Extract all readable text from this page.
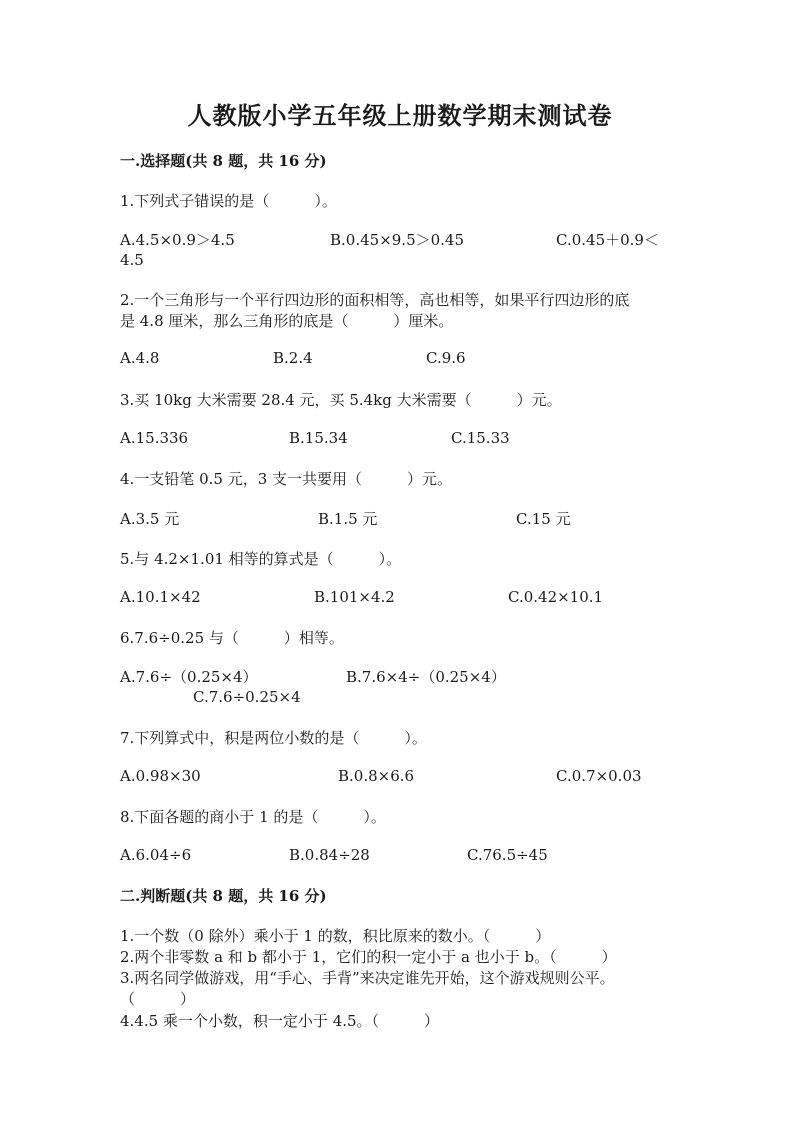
人教版小学五年级上册数学期末测试卷
一.选择题(共 8 题，共 16 分)
1.下列式子错误的是（　　　）。
A.4.5×0.9＞4.5	B.0.45×9.5＞0.45	C.0.45＋0.9＜
4.5
2.一个三角形与一个平行四边形的面积相等，高也相等，如果平行四边形的底
是 4.8 厘米，那么三角形的底是（　　　）厘米。
A.4.8	B.2.4	C.9.6
3.买 10kg 大米需要 28.4 元，买 5.4kg 大米需要（　　　）元。
A.15.336	B.15.34	C.15.33
4.一支铅笔 0.5 元，3 支一共要用（　　　）元。
A.3.5 元	B.1.5 元	C.15 元
5.与 4.2×1.01 相等的算式是（　　　）。
A.10.1×42	B.101×4.2	C.0.42×10.1
6.7.6÷0.25 与（　　　）相等。
A.7.6÷（0.25×4）	B.7.6×4÷（0.25×4）
C.7.6÷0.25×4
7.下列算式中，积是两位小数的是（　　　）。
A.0.98×30	B.0.8×6.6	C.0.7×0.03
8.下面各题的商小于 1 的是（　　　）。
A.6.04÷6	B.0.84÷28	C.76.5÷45
二.判断题(共 8 题，共 16 分)
1.一个数（0 除外）乘小于 1 的数，积比原来的数小。（　　　）
2.两个非零数 a 和 b 都小于 1，它们的积一定小于 a 也小于 b。（　　　）
3.两名同学做游戏，用“手心、手背”来决定谁先开始，这个游戏规则公平。
（　　　）
4.4.5 乘一个小数，积一定小于 4.5。（　　　）
